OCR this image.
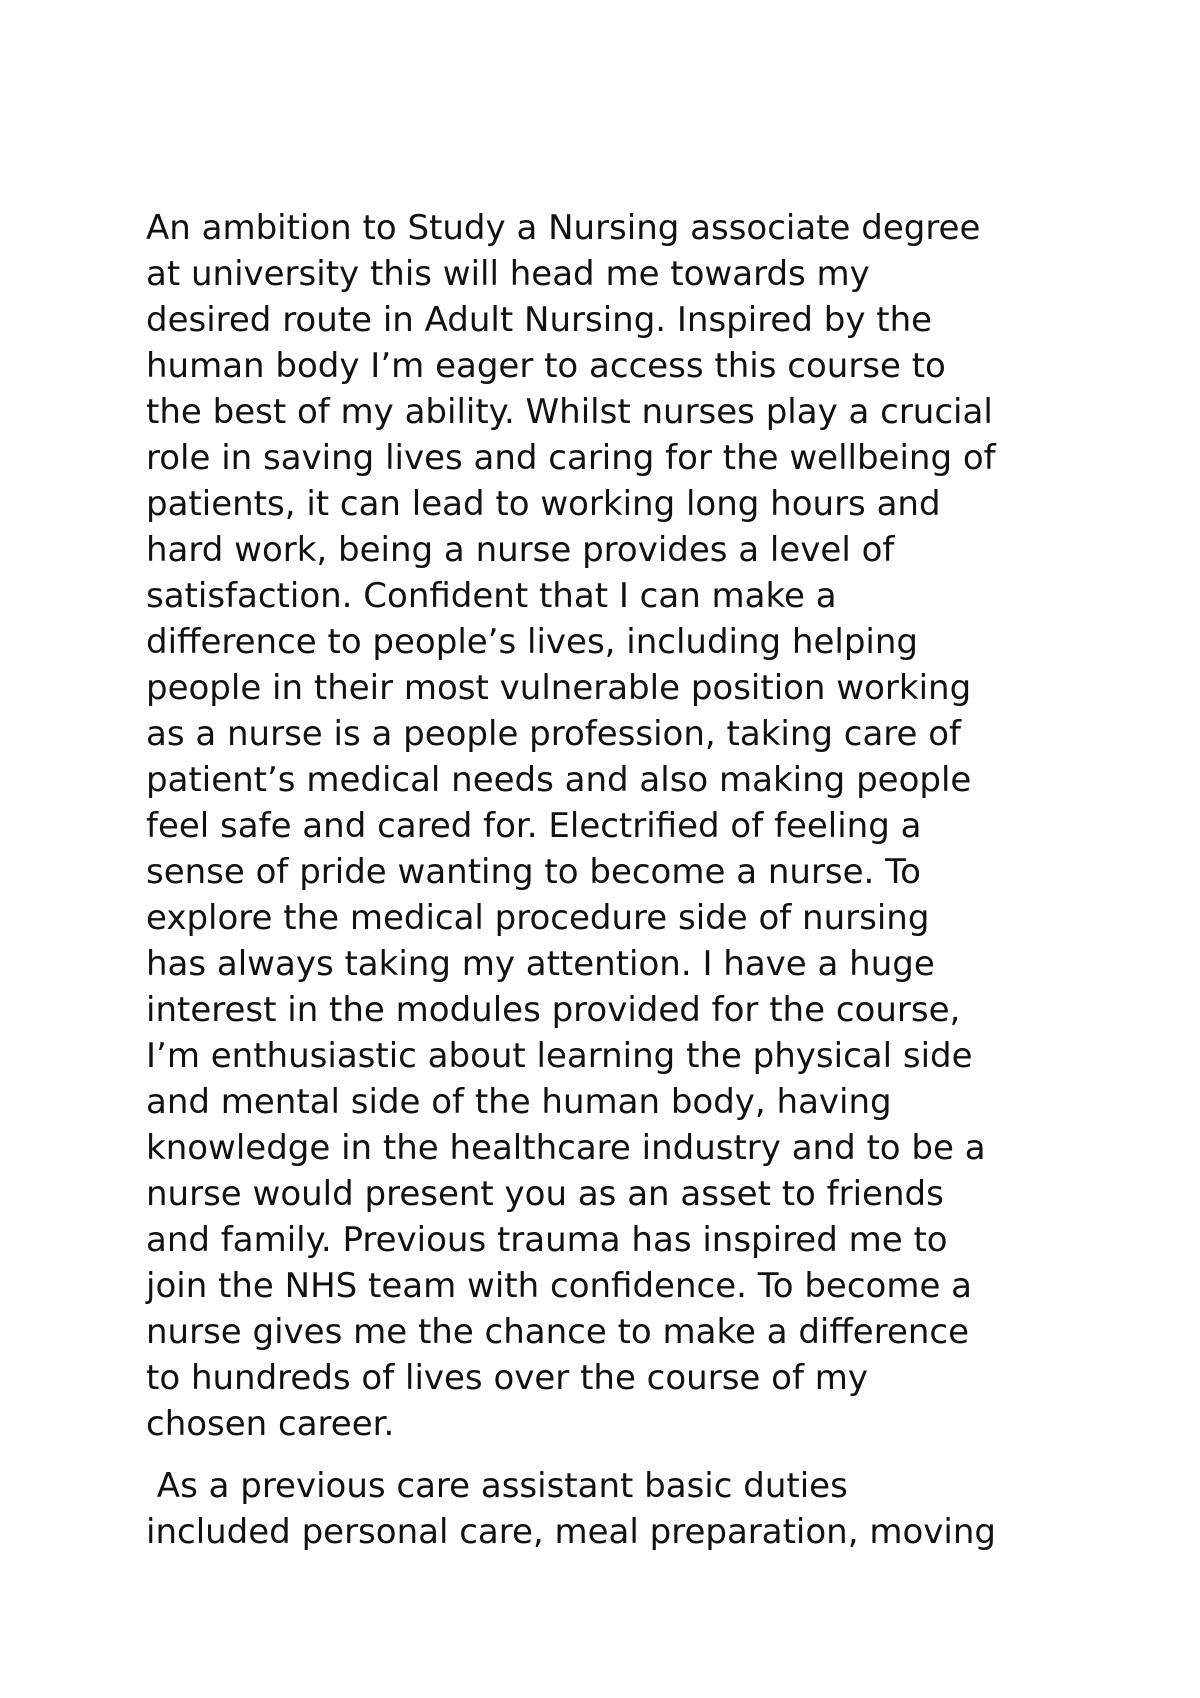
An ambition to Study a Nursing associate degree
at university this will head me towards my
desired route in Adult Nursing. Inspired by the
human body I’m eager to access this course to
the best of my ability. Whilst nurses play a crucial
role in saving lives and caring for the wellbeing of
patients, it can lead to working long hours and
hard work, being a nurse provides a level of
satisfaction. Confident that I can make a
difference to people’s lives, including helping
people in their most vulnerable position working
as a nurse is a people profession, taking care of
patient’s medical needs and also making people
feel safe and cared for. Electrified of feeling a
sense of pride wanting to become a nurse. To
explore the medical procedure side of nursing
has always taking my attention. I have a huge
interest in the modules provided for the course,
I’m enthusiastic about learning the physical side
and mental side of the human body, having
knowledge in the healthcare industry and to be a
nurse would present you as an asset to friends
and family. Previous trauma has inspired me to
join the NHS team with confidence. To become a
nurse gives me the chance to make a difference
to hundreds of lives over the course of my
chosen career.
As a previous care assistant basic duties
included personal care, meal preparation, moving
